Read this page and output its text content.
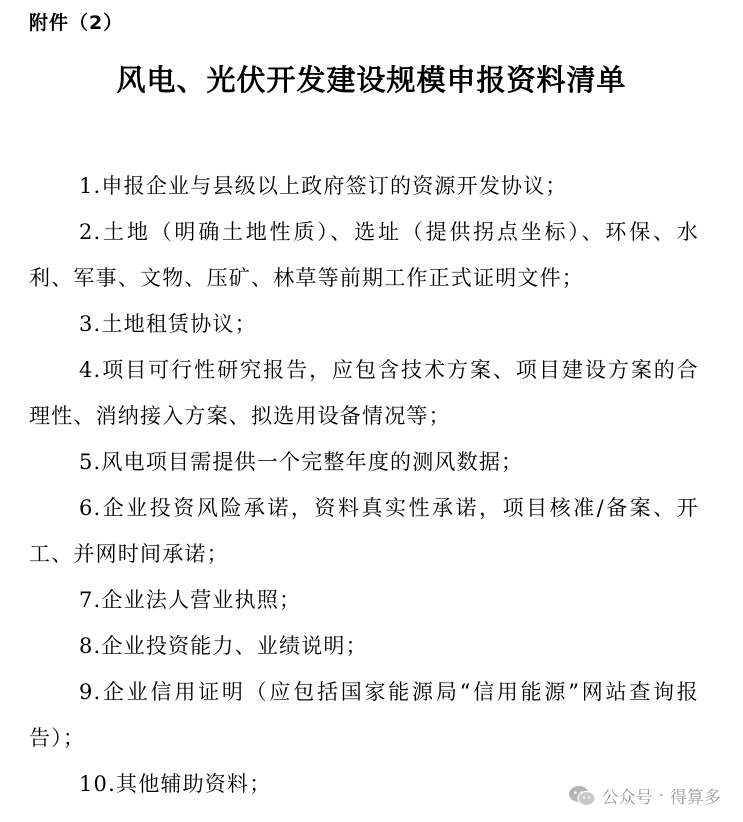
附件（2）
风电、光伏开发建设规模申报资料清单
1.申报企业与县级以上政府签订的资源开发协议；
2.土地（明确土地性质）、选址（提供拐点坐标）、环保、水利、军事、文物、压矿、林草等前期工作正式证明文件；
3.土地租赁协议；
4.项目可行性研究报告，应包含技术方案、项目建设方案的合理性、消纳接入方案、拟选用设备情况等；
5.风电项目需提供一个完整年度的测风数据；
6.企业投资风险承诺，资料真实性承诺，项目核准/备案、开工、并网时间承诺；
7.企业法人营业执照；
8.企业投资能力、业绩说明；
9.企业信用证明（应包括国家能源局“信用能源”网站查询报告）；
10.其他辅助资料；
公众号 · 得算多
